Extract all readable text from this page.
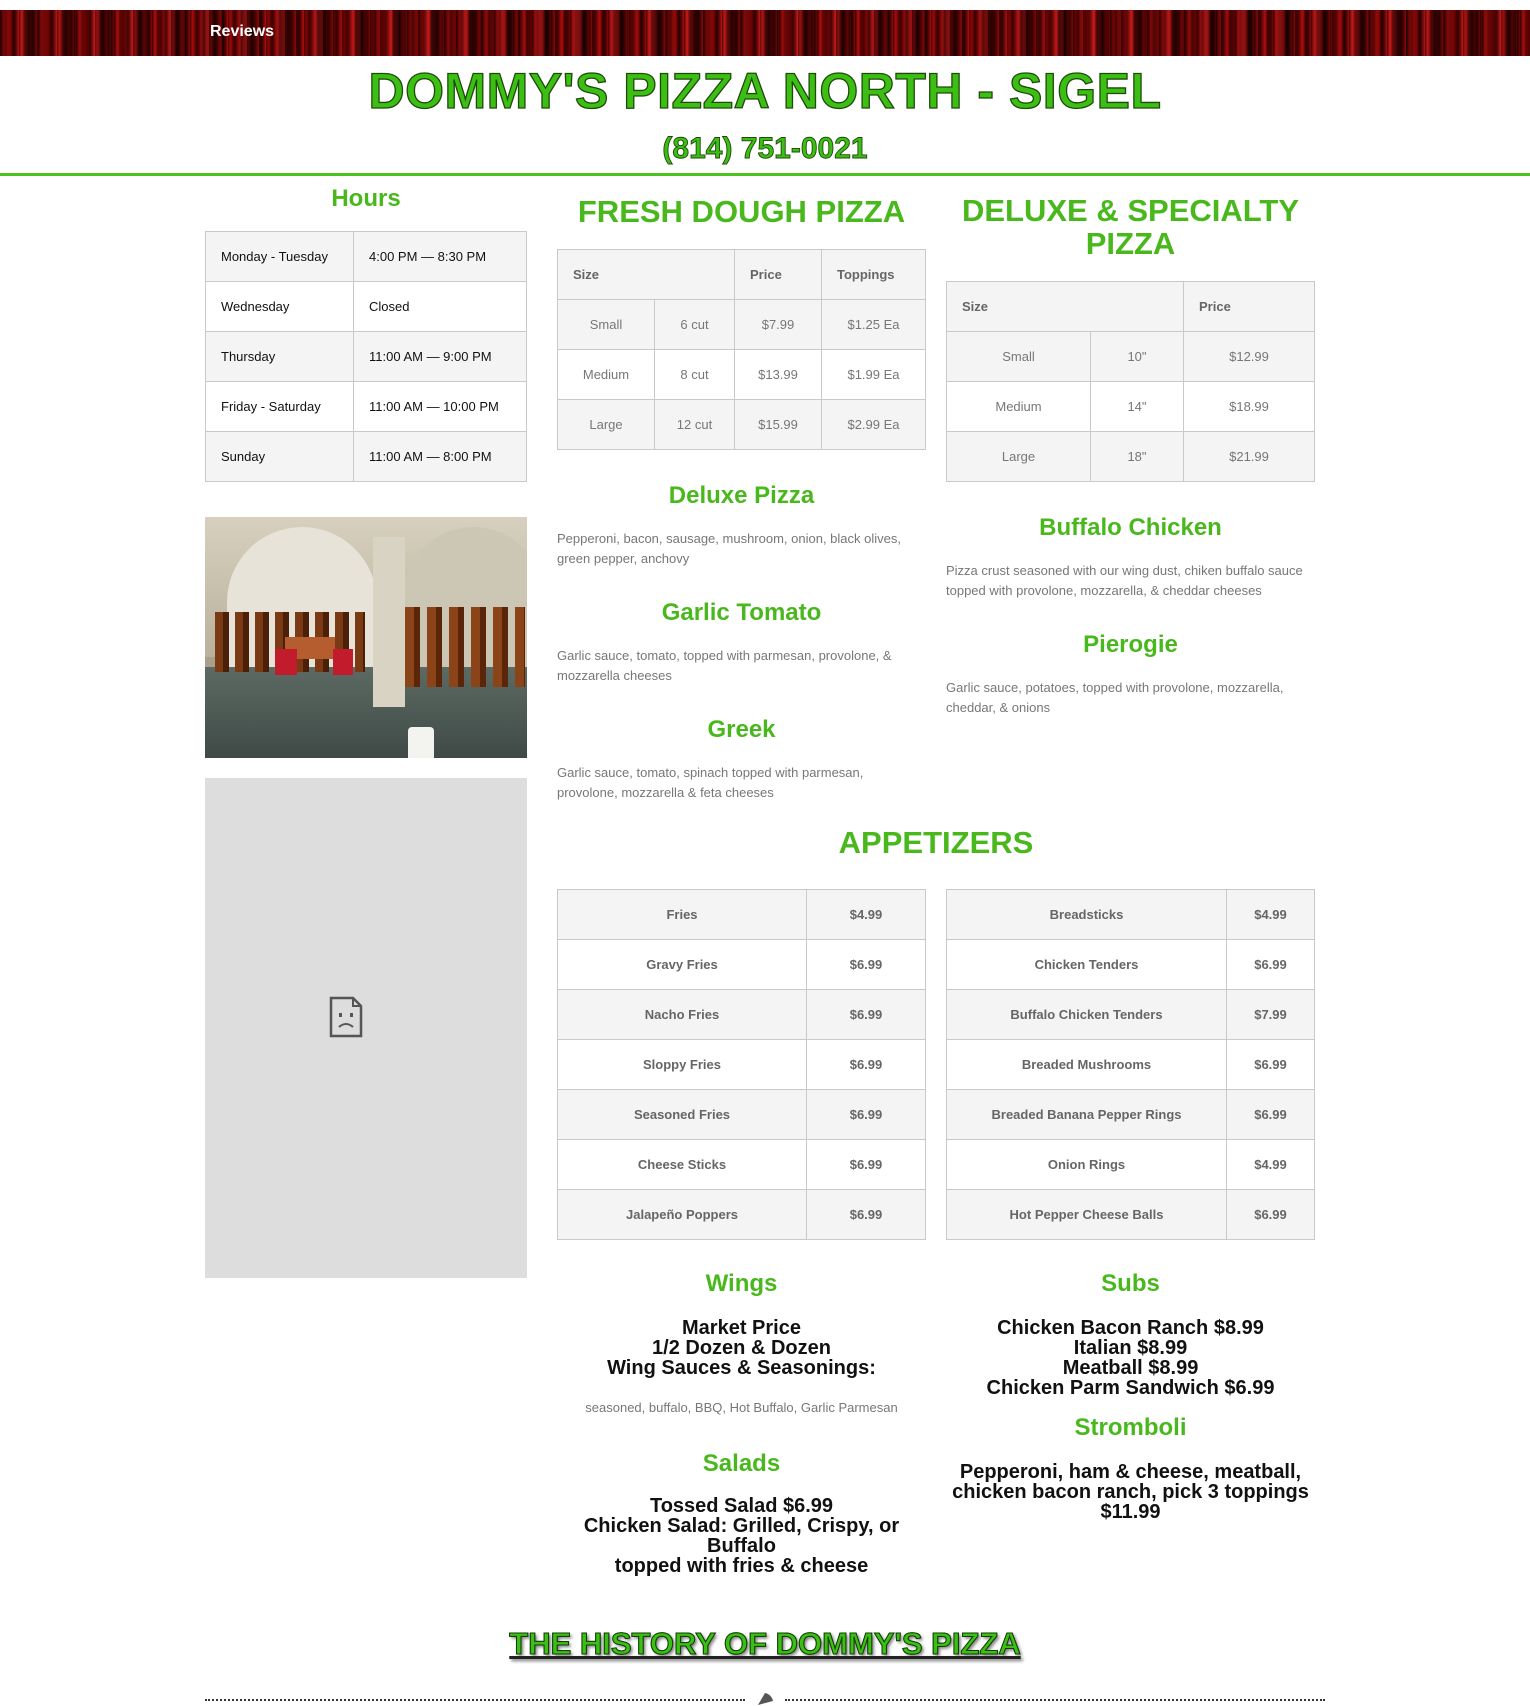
Reviews
DOMMY'S PIZZA NORTH - SIGEL
(814) 751-0021
Hours
Monday - Tuesday	4:00 PM — 8:30 PM
Wednesday	Closed
Thursday	11:00 AM — 9:00 PM
Friday - Saturday	11:00 AM — 10:00 PM
Sunday	11:00 AM — 8:00 PM
FRESH DOUGH PIZZA
Size		Price	Toppings
Small	6 cut	$7.99	$1.25 Ea
Medium	8 cut	$13.99	$1.99 Ea
Large	12 cut	$15.99	$2.99 Ea
DELUXE & SPECIALTY
PIZZA
Size		Price
Small	10"	$12.99
Medium	14"	$18.99
Large	18"	$21.99
Deluxe Pizza

Pepperoni, bacon, sausage, mushroom, onion, black olives, green pepper, anchovy

Garlic Tomato

Garlic sauce, tomato, topped with parmesan, provolone, & mozzarella cheeses

Greek

Garlic sauce, tomato, spinach topped with parmesan, provolone, mozzarella & feta cheeses

Buffalo Chicken

Pizza crust seasoned with our wing dust, chiken buffalo sauce topped with provolone, mozzarella, & cheddar cheeses

Pierogie

Garlic sauce, potatoes, topped with provolone, mozzarella, cheddar, & onions

APPETIZERS
Fries	$4.99
Gravy Fries	$6.99
Nacho Fries	$6.99
Sloppy Fries	$6.99
Seasoned Fries	$6.99
Cheese Sticks	$6.99
Jalapeño Poppers	$6.99
Breadsticks	$4.99
Chicken Tenders	$6.99
Buffalo Chicken Tenders	$7.99
Breaded Mushrooms	$6.99
Breaded Banana Pepper Rings	$6.99
Onion Rings	$4.99
Hot Pepper Cheese Balls	$6.99
Wings
Market Price
1/2 Dozen & Dozen
Wing Sauces & Seasonings:

seasoned, buffalo, BBQ, Hot Buffalo, Garlic Parmesan

Salads
Tossed Salad $6.99
Chicken Salad: Grilled, Crispy, or Buffalo
topped with fries & cheese
Subs
Chicken Bacon Ranch $8.99
Italian $8.99
Meatball $8.99
Chicken Parm Sandwich $6.99
Stromboli
Pepperoni, ham & cheese, meatball,
chicken bacon ranch, pick 3 toppings
$11.99
THE HISTORY OF DOMMY'S PIZZA
